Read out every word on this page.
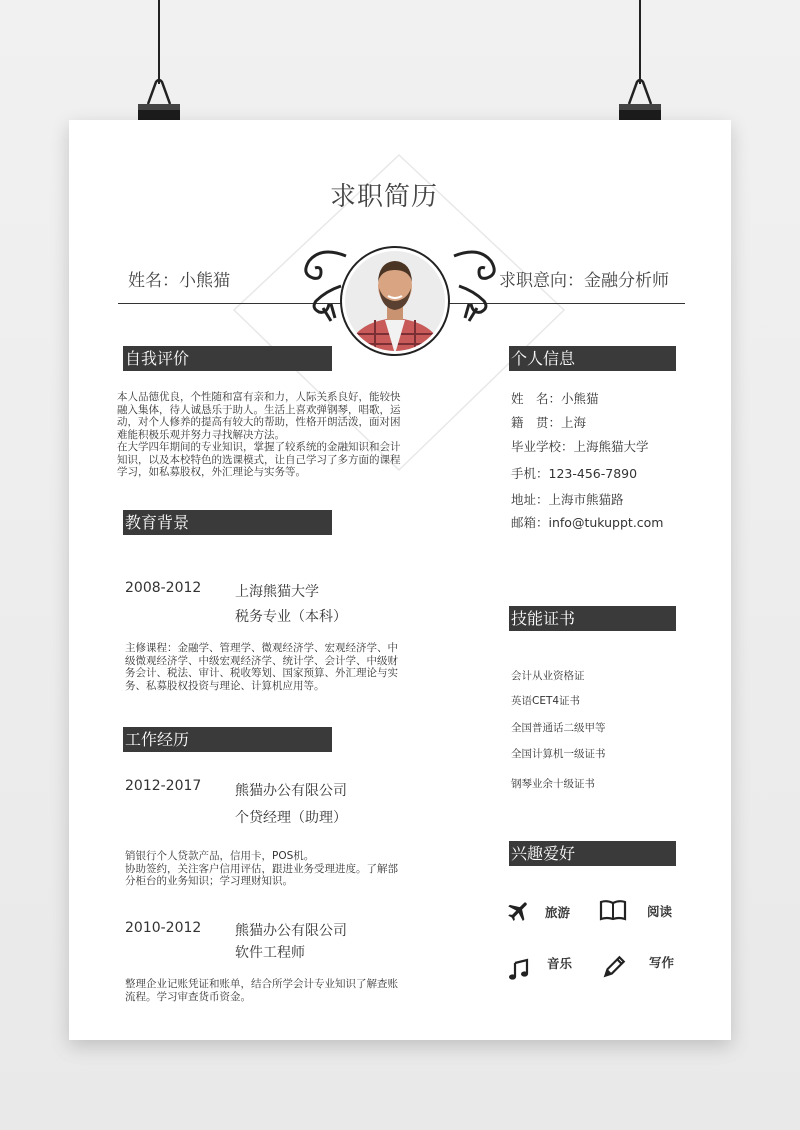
求职简历
姓名：小熊猫	求职意向：金融分析师
自我评价
本人品德优良，个性随和富有亲和力，人际关系良好，能较快
融入集体，待人诚恳乐于助人。生活上喜欢弹钢琴，唱歌，运
动，对个人修养的提高有较大的帮助，性格开朗活泼，面对困
难能积极乐观并努力寻找解决方法。
在大学四年期间的专业知识，掌握了较系统的金融知识和会计
知识，以及本校特色的选课模式，让自己学习了多方面的课程
学习，如私募股权，外汇理论与实务等。
教育背景
2008-2012 上海熊猫大学
税务专业（本科）
主修课程：金融学、管理学、微观经济学、宏观经济学、中
级微观经济学、中级宏观经济学、统计学、会计学、中级财
务会计、税法、审计、税收筹划、国家预算、外汇理论与实
务、私募股权投资与理论、计算机应用等。
工作经历
2012-2017 熊猫办公有限公司
个贷经理（助理）
销银行个人贷款产品，信用卡，POS机。
协助签约，关注客户信用评估，跟进业务受理进度。了解部
分柜台的业务知识；学习理财知识。
2010-2012 熊猫办公有限公司
软件工程师
整理企业记账凭证和账单，结合所学会计专业知识了解查账
流程。学习审查货币资金。
个人信息
姓　名：小熊猫
籍　贯：上海
毕业学校：上海熊猫大学
手机：123-456-7890
地址：上海市熊猫路
邮箱：info@tukuppt.com
技能证书
会计从业资格证
英语CET4证书
全国普通话二级甲等
全国计算机一级证书
钢琴业余十级证书
兴趣爱好
旅游	阅读
音乐	写作
